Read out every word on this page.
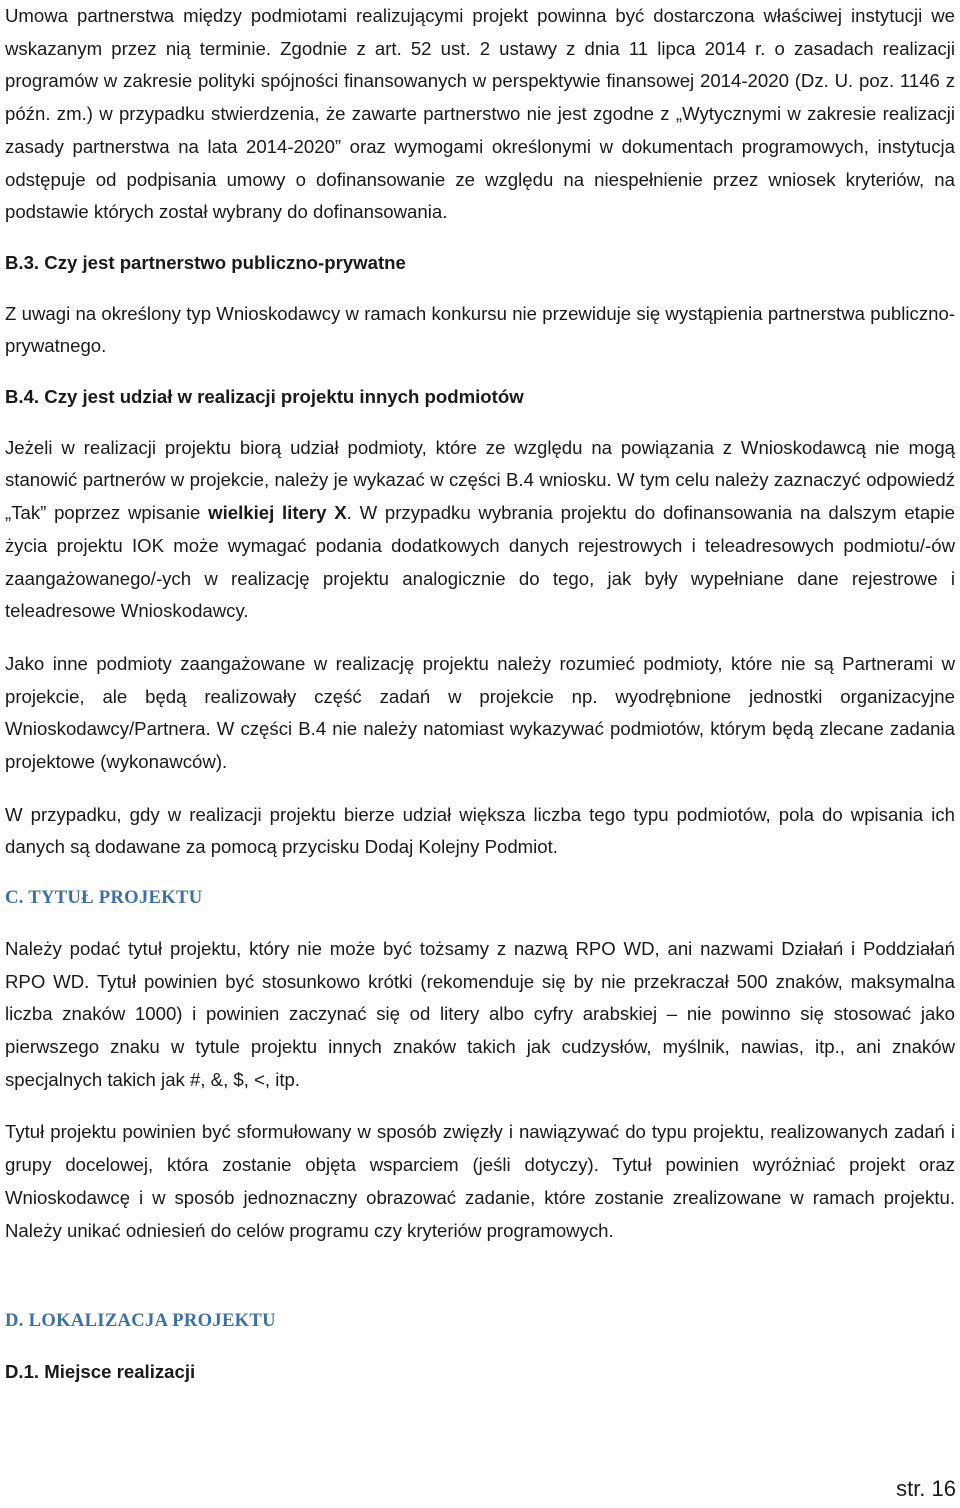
Umowa partnerstwa między podmiotami realizującymi projekt powinna być dostarczona właściwej instytucji we wskazanym przez nią terminie. Zgodnie z art. 52 ust. 2 ustawy z dnia 11 lipca 2014 r. o zasadach realizacji programów w zakresie polityki spójności finansowanych w perspektywie finansowej 2014-2020 (Dz. U. poz. 1146 z późn. zm.) w przypadku stwierdzenia, że zawarte partnerstwo nie jest zgodne z „Wytycznymi w zakresie realizacji zasady partnerstwa na lata 2014-2020” oraz wymogami określonymi w dokumentach programowych, instytucja odstępuje od podpisania umowy o dofinansowanie ze względu na niespełnienie przez wniosek kryteriów, na podstawie których został wybrany do dofinansowania.

B.3. Czy jest partnerstwo publiczno-prywatne

Z uwagi na określony typ Wnioskodawcy w ramach konkursu nie przewiduje się wystąpienia partnerstwa publiczno-prywatnego.

B.4. Czy jest udział w realizacji projektu innych podmiotów

Jeżeli w realizacji projektu biorą udział podmioty, które ze względu na powiązania z Wnioskodawcą nie mogą stanowić partnerów w projekcie, należy je wykazać w części B.4 wniosku. W tym celu należy zaznaczyć odpowiedź „Tak” poprzez wpisanie wielkiej litery X. W przypadku wybrania projektu do dofinansowania na dalszym etapie życia projektu IOK może wymagać podania dodatkowych danych rejestrowych i teleadresowych podmiotu/-ów zaangażowanego/-ych w realizację projektu analogicznie do tego, jak były wypełniane dane rejestrowe i teleadresowe Wnioskodawcy.

Jako inne podmioty zaangażowane w realizację projektu należy rozumieć podmioty, które nie są Partnerami w projekcie, ale będą realizowały część zadań w projekcie np. wyodrębnione jednostki organizacyjne Wnioskodawcy/Partnera. W części B.4 nie należy natomiast wykazywać podmiotów, którym będą zlecane zadania projektowe (wykonawców).

W przypadku, gdy w realizacji projektu bierze udział większa liczba tego typu podmiotów, pola do wpisania ich danych są dodawane za pomocą przycisku Dodaj Kolejny Podmiot.

C. TYTUŁ PROJEKTU

Należy podać tytuł projektu, który nie może być tożsamy z nazwą RPO WD, ani nazwami Działań i Poddziałań RPO WD. Tytuł powinien być stosunkowo krótki (rekomenduje się by nie przekraczał 500 znaków, maksymalna liczba znaków 1000) i powinien zaczynać się od litery albo cyfry arabskiej – nie powinno się stosować jako pierwszego znaku w tytule projektu innych znaków takich jak cudzysłów, myślnik, nawias, itp., ani znaków specjalnych takich jak #, &, $, <, itp.

Tytuł projektu powinien być sformułowany w sposób zwięzły i nawiązywać do typu projektu, realizowanych zadań i grupy docelowej, która zostanie objęta wsparciem (jeśli dotyczy). Tytuł powinien wyróżniać projekt oraz Wnioskodawcę i w sposób jednoznaczny obrazować zadanie, które zostanie zrealizowane w ramach projektu. Należy unikać odniesień do celów programu czy kryteriów programowych.

D. LOKALIZACJA PROJEKTU
D.1. Miejsce realizacji
str. 16
